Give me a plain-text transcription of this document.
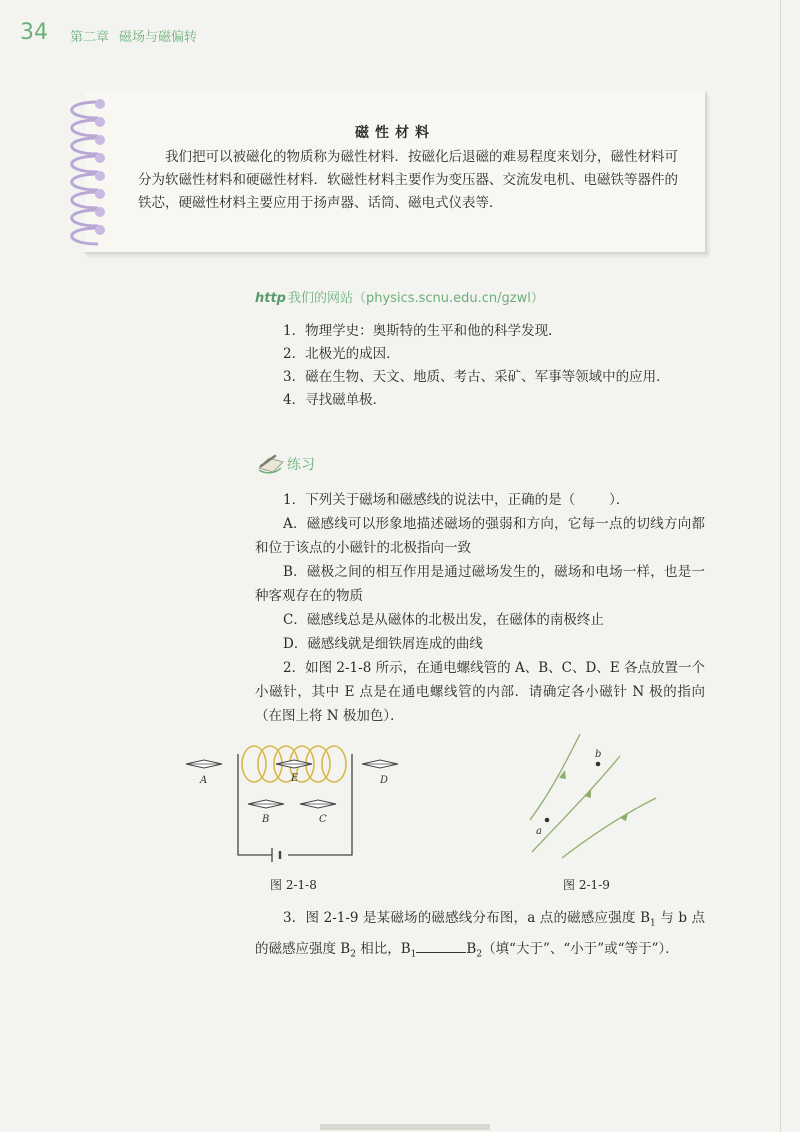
34 第二章 磁场与磁偏转
磁性材料
我们把可以被磁化的物质称为磁性材料．按磁化后退磁的难易程度来划分，磁性材料可分为软磁性材料和硬磁性材料．软磁性材料主要作为变压器、交流发电机、电磁铁等器件的铁芯，硬磁性材料主要应用于扬声器、话筒、磁电式仪表等．
http 我们的网站（physics.scnu.edu.cn/gzwl）

1．物理学史：奥斯特的生平和他的科学发现．

2．北极光的成因．

3．磁在生物、天文、地质、考古、采矿、军事等领域中的应用．

4．寻找磁单极．

练习

1．下列关于磁场和磁感线的说法中，正确的是（	）．

A．磁感线可以形象地描述磁场的强弱和方向，它每一点的切线方向都和位于该点的小磁针的北极指向一致

B．磁极之间的相互作用是通过磁场发生的，磁场和电场一样，也是一种客观存在的物质

C．磁感线总是从磁体的北极出发，在磁体的南极终止

D．磁感线就是细铁屑连成的曲线

2．如图 2-1-8 所示，在通电螺线管的 A、B、C、D、E 各点放置一个小磁针，其中 E 点是在通电螺线管的内部．请确定各小磁针 N 极的指向（在图上将 N 极加色）．

A	E	D
B	C
图 2-1-8
a
b
图 2-1-9

3．图 2-1-9 是某磁场的磁感线分布图，a 点的磁感应强度 $B_1$ 与 b 点的磁感应强度 $B_2$ 相比，$B_1$	$B_2$（填“大于”、“小于”或“等于”）．
